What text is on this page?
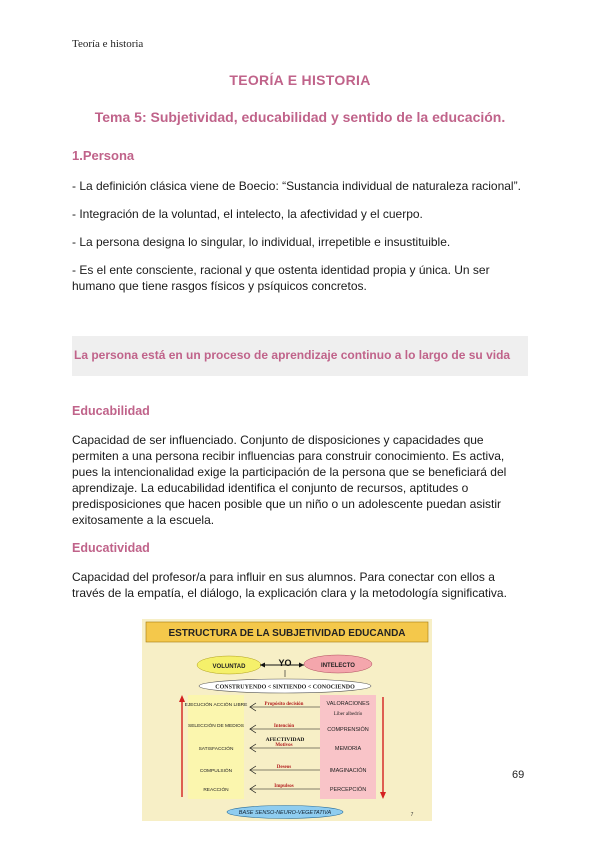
Teoría e historia
TEORÍA E HISTORIA
Tema 5: Subjetividad, educabilidad y sentido de la educación.
1.Persona
- La definición clásica viene de Boecio: “Sustancia individual de naturaleza racional”.
- Integración de la voluntad, el intelecto, la afectividad y el cuerpo.
- La persona designa lo singular, lo individual, irrepetible e insustituible.
- Es el ente consciente, racional y que ostenta identidad propia y única. Un ser humano que tiene rasgos físicos y psíquicos concretos.
La persona está en un proceso de aprendizaje continuo a lo largo de su vida
Educabilidad

Capacidad de ser influenciado. Conjunto de disposiciones y capacidades que permiten a una persona recibir influencias para construir conocimiento. Es activa, pues la intencionalidad exige la participación de la persona que se beneficiará del aprendizaje. La educabilidad identifica el conjunto de recursos, aptitudes o predisposiciones que hacen posible que un niño o un adolescente puedan asistir exitosamente a la escuela.

Educatividad

Capacidad del profesor/a para influir en sus alumnos. Para conectar con ellos a través de la empatía, el diálogo, la explicación clara y la metodología significativa.

ESTRUCTURA DE LA SUBJETIVIDAD EDUCANDA
VOLUNTAD	INTELECTO
YO
CONSTRUYENDO < SINTIENDO < CONOCIENDO
EJECUCIÓN ACCIÓN LIBRE
SELECCIÓN DE MEDIOS
SATISFACCIÓN
COMPULSIÓN
REACCIÓN
VALORACIONES
Líber albedrío
COMPRENSIÓN
MEMORIA
IMAGINACIÓN
PERCEPCIÓN
Propósito decisión
Intención
AFECTIVIDAD
Motivos
Deseos
Impulsos
BASE SENSO-NEURO-VEGETATIVA	7
69
